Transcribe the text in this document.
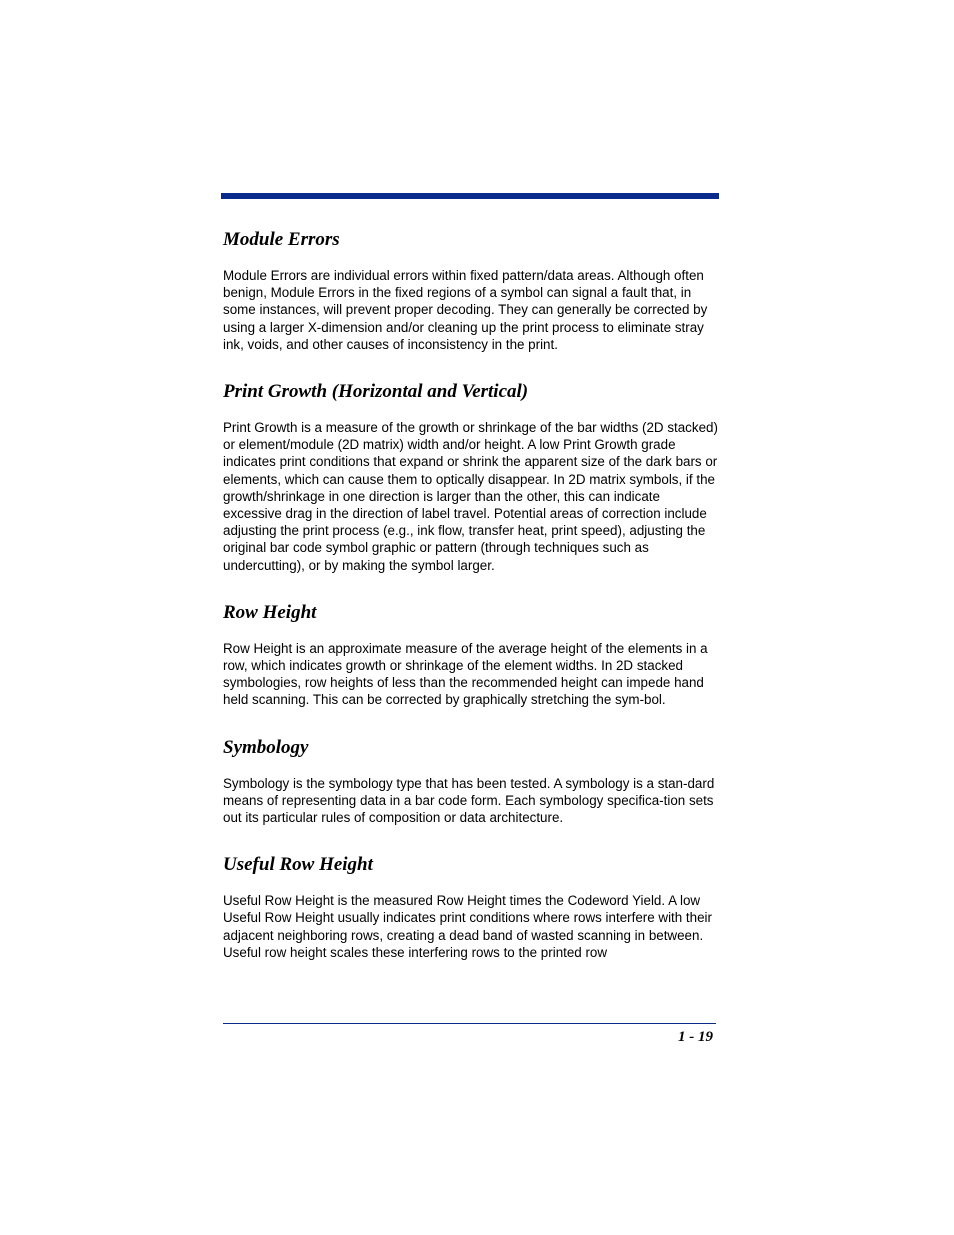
Module Errors

Module Errors are individual errors within fixed pattern/data areas. Although often benign, Module Errors in the fixed regions of a symbol can signal a fault that, in some instances, will prevent proper decoding. They can generally be corrected by using a larger X-dimension and/or cleaning up the print process to eliminate stray ink, voids, and other causes of inconsistency in the print.

Print Growth (Horizontal and Vertical)

Print Growth is a measure of the growth or shrinkage of the bar widths (2D stacked) or element/module (2D matrix) width and/or height. A low Print Growth grade indicates print conditions that expand or shrink the apparent size of the dark bars or elements, which can cause them to optically disappear. In 2D matrix symbols, if the growth/shrinkage in one direction is larger than the other, this can indicate excessive drag in the direction of label travel. Potential areas of correction include adjusting the print process (e.g., ink flow, transfer heat, print speed), adjusting the original bar code symbol graphic or pattern (through techniques such as undercutting), or by making the symbol larger.

Row Height

Row Height is an approximate measure of the average height of the elements in a row, which indicates growth or shrinkage of the element widths. In 2D stacked symbologies, row heights of less than the recommended height can impede hand held scanning. This can be corrected by graphically stretching the sym-bol.

Symbology

Symbology is the symbology type that has been tested. A symbology is a stan-dard means of representing data in a bar code form. Each symbology specifica-tion sets out its particular rules of composition or data architecture.

Useful Row Height

Useful Row Height is the measured Row Height times the Codeword Yield. A low Useful Row Height usually indicates print conditions where rows interfere with their adjacent neighboring rows, creating a dead band of wasted scanning in between. Useful row height scales these interfering rows to the printed row

1 - 19
